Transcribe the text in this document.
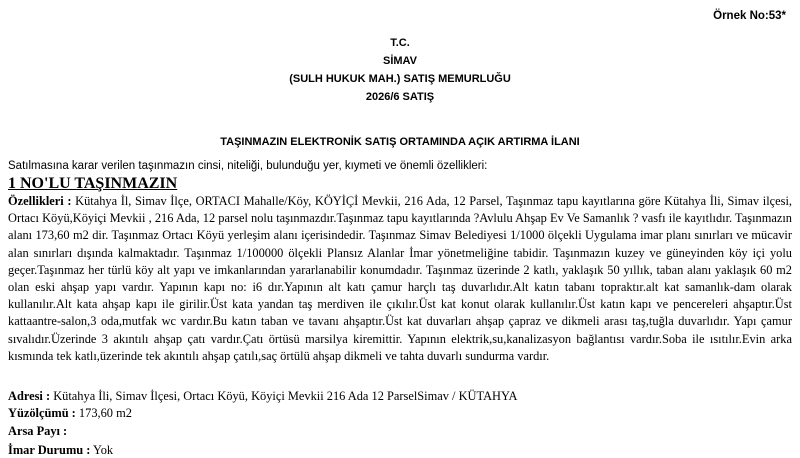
Örnek No:53*
T.C.
SİMAV
(SULH HUKUK MAH.) SATIŞ MEMURLUĞU
2026/6 SATIŞ
TAŞINMAZIN ELEKTRONİK SATIŞ ORTAMINDA AÇIK ARTIRMA İLANI
Satılmasına karar verilen taşınmazın cinsi, niteliği, bulunduğu yer, kıymeti ve önemli özellikleri:
1 NO'LU TAŞINMAZIN
Özellikleri : Kütahya İl, Simav İlçe, ORTACI Mahalle/Köy, KÖYİÇİ Mevkii, 216 Ada, 12 Parsel, Taşınmaz tapu kayıtlarına göre Kütahya İli, Simav ilçesi, Ortacı Köyü,Köyiçi Mevkii , 216 Ada, 12 parsel nolu taşınmazdır.Taşınmaz tapu kayıtlarında ?Avlulu Ahşap Ev Ve Samanlık ? vasfı ile kayıtlıdır. Taşınmazın alanı 173,60 m2 dir. Taşınmaz Ortacı Köyü yerleşim alanı içerisindedir. Taşınmaz Simav Belediyesi 1/1000 ölçekli Uygulama imar planı sınırları ve mücavir alan sınırları dışında kalmaktadır. Taşınmaz 1/100000 ölçekli Plansız Alanlar İmar yönetmeliğine tabidir. Taşınmazın kuzey ve güneyinden köy içi yolu geçer.Taşınmaz her türlü köy alt yapı ve imkanlarından yararlanabilir konumdadır. Taşınmaz üzerinde 2 katlı, yaklaşık 50 yıllık, taban alanı yaklaşık 60 m2 olan eski ahşap yapı vardır. Yapının kapı no: i6 dır.Yapının alt katı çamur harçlı taş duvarlıdır.Alt katın tabanı topraktır.alt kat samanlık-dam olarak kullanılır.Alt kata ahşap kapı ile girilir.Üst kata yandan taş merdiven ile çıkılır.Üst kat konut olarak kullanılır.Üst katın kapı ve pencereleri ahşaptır.Üst kattaantre-salon,3 oda,mutfak wc vardır.Bu katın taban ve tavanı ahşaptır.Üst kat duvarları ahşap çapraz ve dikmeli arası taş,tuğla duvarlıdır. Yapı çamur sıvalıdır.Üzerinde 3 akıntılı ahşap çatı vardır.Çatı örtüsü marsilya kiremittir. Yapının elektrik,su,kanalizasyon bağlantısı vardır.Soba ile ısıtılır.Evin arka kısmında tek katlı,üzerinde tek akıntılı ahşap çatılı,saç örtülü ahşap dikmeli ve tahta duvarlı sundurma vardır.
Adresi : Kütahya İli, Simav İlçesi, Ortacı Köyü, Köyiçi Mevkii 216 Ada 12 ParselSimav / KÜTAHYA
Yüzölçümü : 173,60 m2
Arsa Payı :
İmar Durumu : Yok
